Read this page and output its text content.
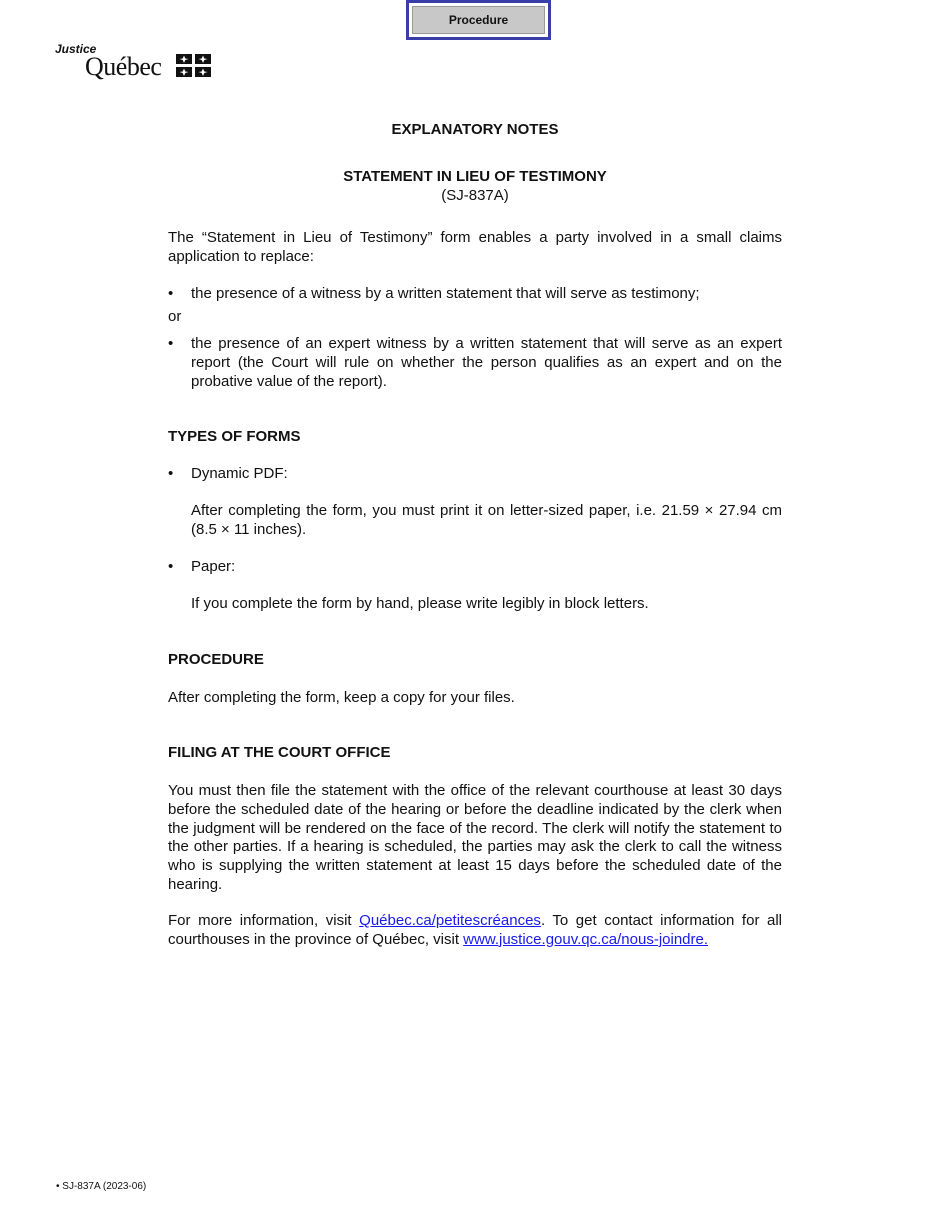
Procedure
Justice
Québec

EXPLANATORY NOTES

STATEMENT IN LIEU OF TESTIMONY

(SJ-837A)

The “Statement in Lieu of Testimony” form enables a party involved in a small claims application to replace:

• the presence of a witness by a written statement that will serve as testimony;

or

• the presence of an expert witness by a written statement that will serve as an expert report (the Court will rule on whether the person qualifies as an expert and on the probative value of the report).

TYPES OF FORMS

• Dynamic PDF:

After completing the form, you must print it on letter-sized paper, i.e. 21.59 × 27.94 cm (8.5 × 11 inches).

• Paper:

If you complete the form by hand, please write legibly in block letters.

PROCEDURE

After completing the form, keep a copy for your files.

FILING AT THE COURT OFFICE

You must then file the statement with the office of the relevant courthouse at least 30 days before the scheduled date of the hearing or before the deadline indicated by the clerk when the judgment will be rendered on the face of the record. The clerk will notify the statement to the other parties. If a hearing is scheduled, the parties may ask the clerk to call the witness who is supplying the written statement at least 15 days before the scheduled date of the hearing.

For more information, visit Québec.ca/petitescréances. To get contact information for all courthouses in the province of Québec, visit www.justice.gouv.qc.ca/nous-joindre.

• SJ-837A (2023-06)
